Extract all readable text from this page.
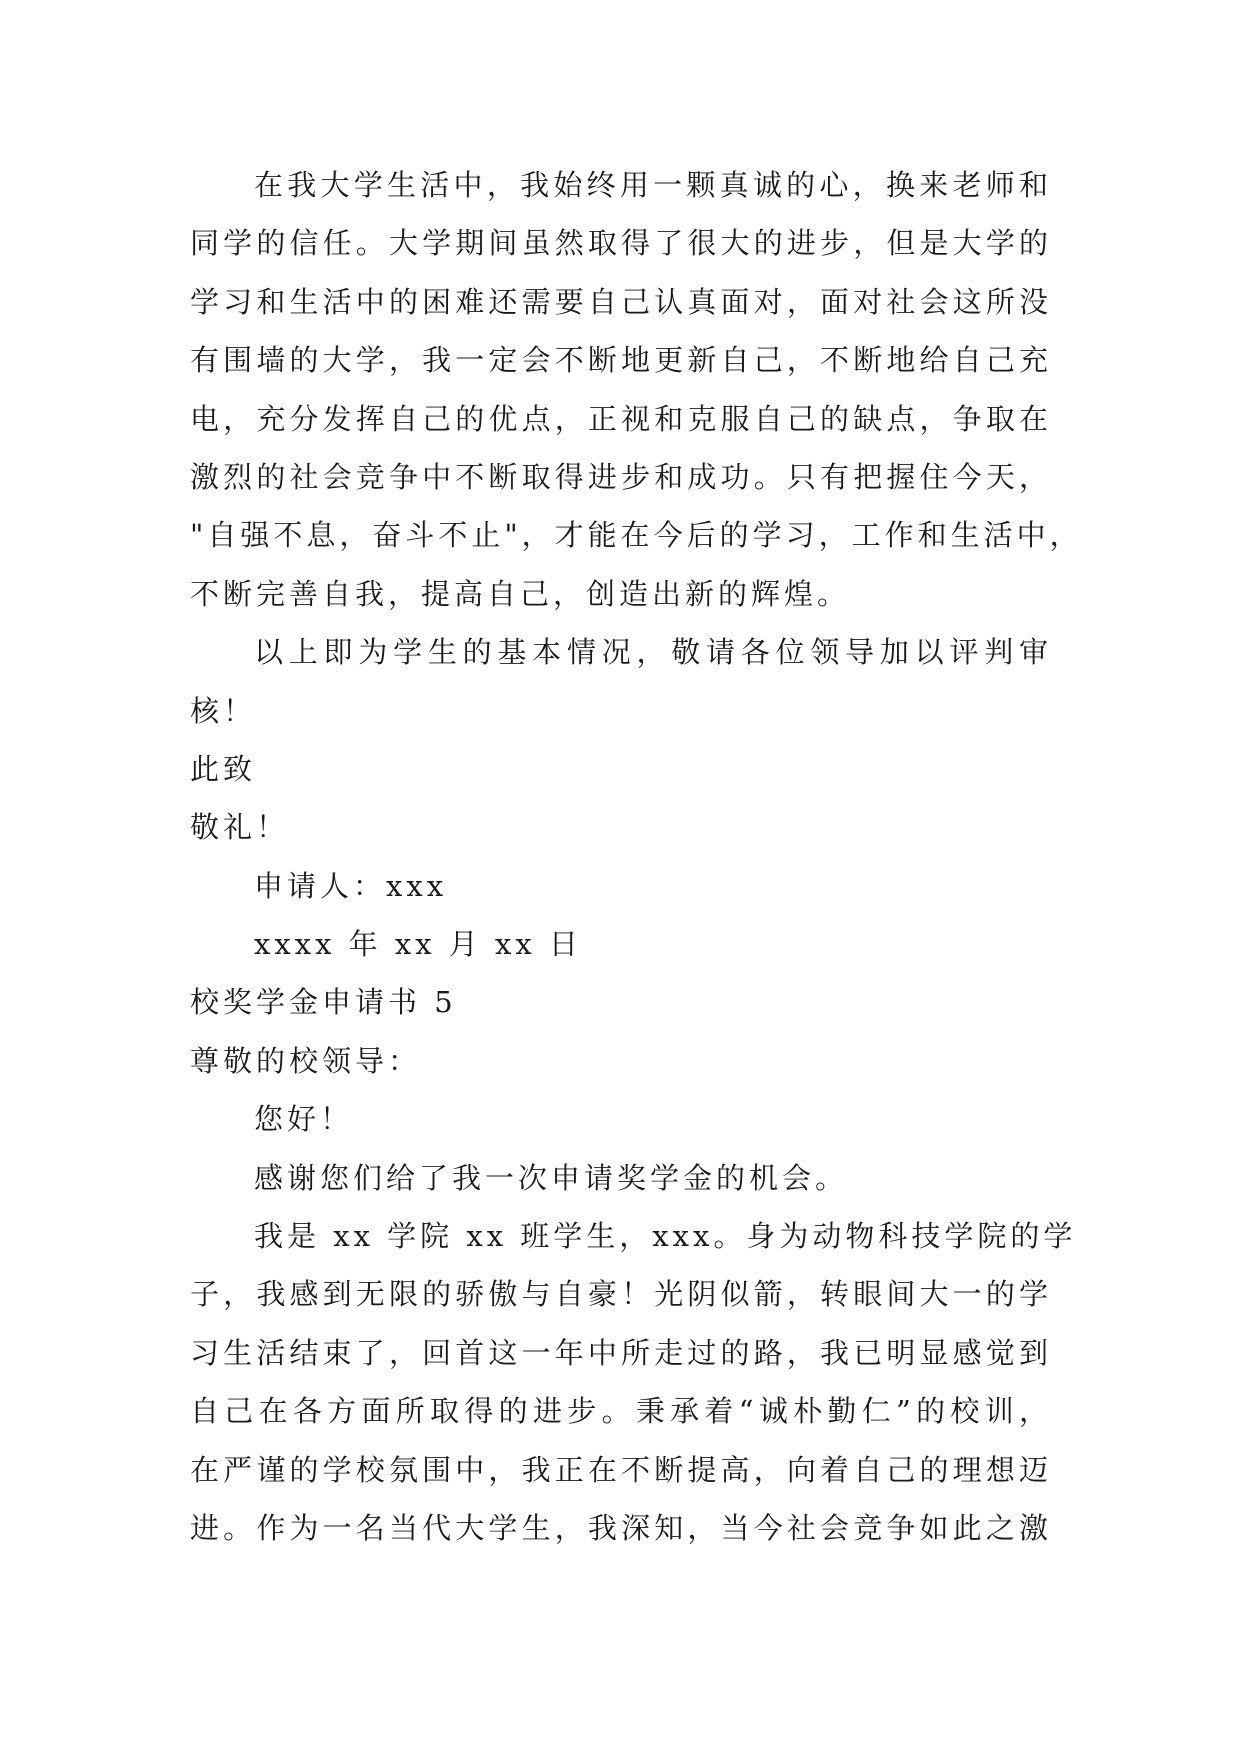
在我大学生活中，我始终用一颗真诚的心，换来老师和
同学的信任。大学期间虽然取得了很大的进步，但是大学的
学习和生活中的困难还需要自己认真面对，面对社会这所没
有围墙的大学，我一定会不断地更新自己，不断地给自己充
电，充分发挥自己的优点，正视和克服自己的缺点，争取在
激烈的社会竞争中不断取得进步和成功。只有把握住今天，
"自强不息，奋斗不止"，才能在今后的学习，工作和生活中，
不断完善自我，提高自己，创造出新的辉煌。
以上即为学生的基本情况，敬请各位领导加以评判审
核！
此致
敬礼！
申请人：xxx
xxxx 年 xx 月 xx 日
校奖学金申请书 5
尊敬的校领导：
您好！
感谢您们给了我一次申请奖学金的机会。
我是 xx 学院 xx 班学生，xxx。身为动物科技学院的学
子，我感到无限的骄傲与自豪！光阴似箭，转眼间大一的学
习生活结束了，回首这一年中所走过的路，我已明显感觉到
自己在各方面所取得的进步。秉承着“诚朴勤仁”的校训，
在严谨的学校氛围中，我正在不断提高，向着自己的理想迈
进。作为一名当代大学生，我深知，当今社会竞争如此之激
